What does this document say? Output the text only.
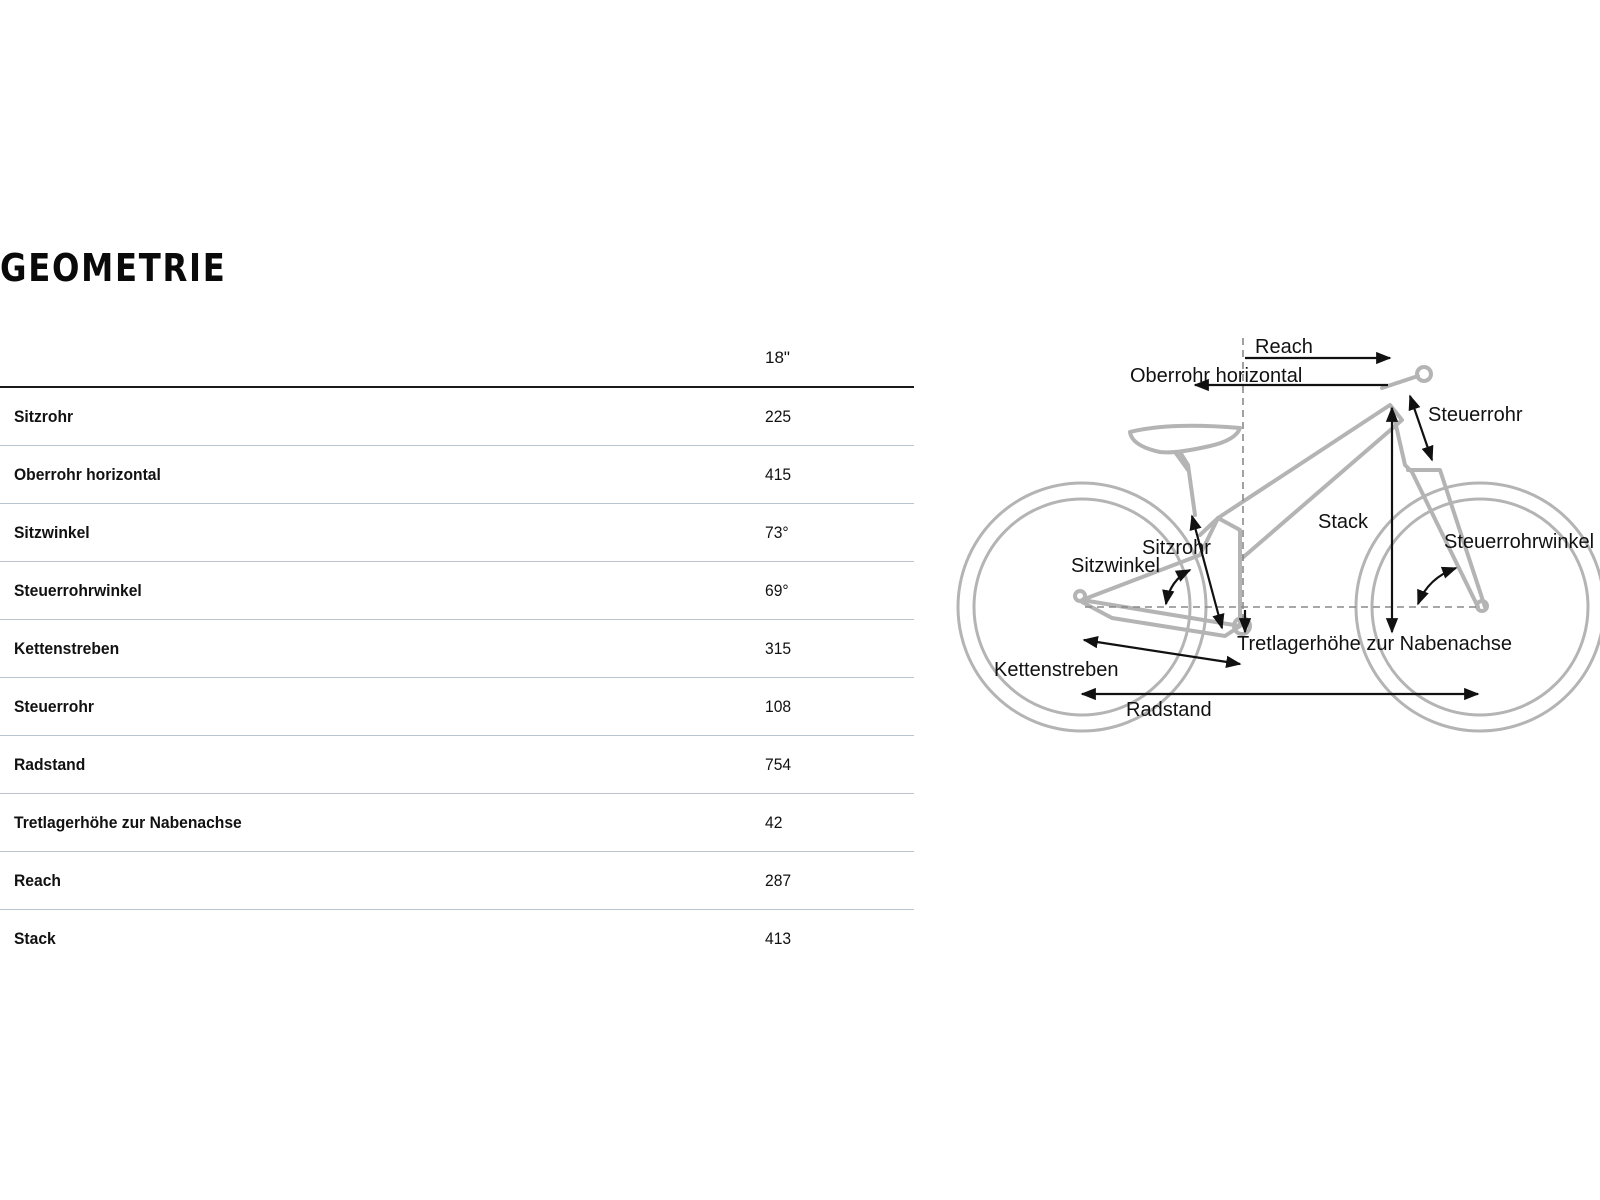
GEOMETRIE
18"
Sitzrohr	225
Oberrohr horizontal	415
Sitzwinkel	73°
Steuerrohrwinkel	69°
Kettenstreben	315
Steuerrohr	108
Radstand	754
Tretlagerhöhe zur Nabenachse	42
Reach	287
Stack	413
Reach
Oberrohr horizontal
Steuerrohr
Stack
Sitzrohr
Sitzwinkel
Steuerrohrwinkel
Tretlagerhöhe zur Nabenachse
Kettenstreben
Radstand
